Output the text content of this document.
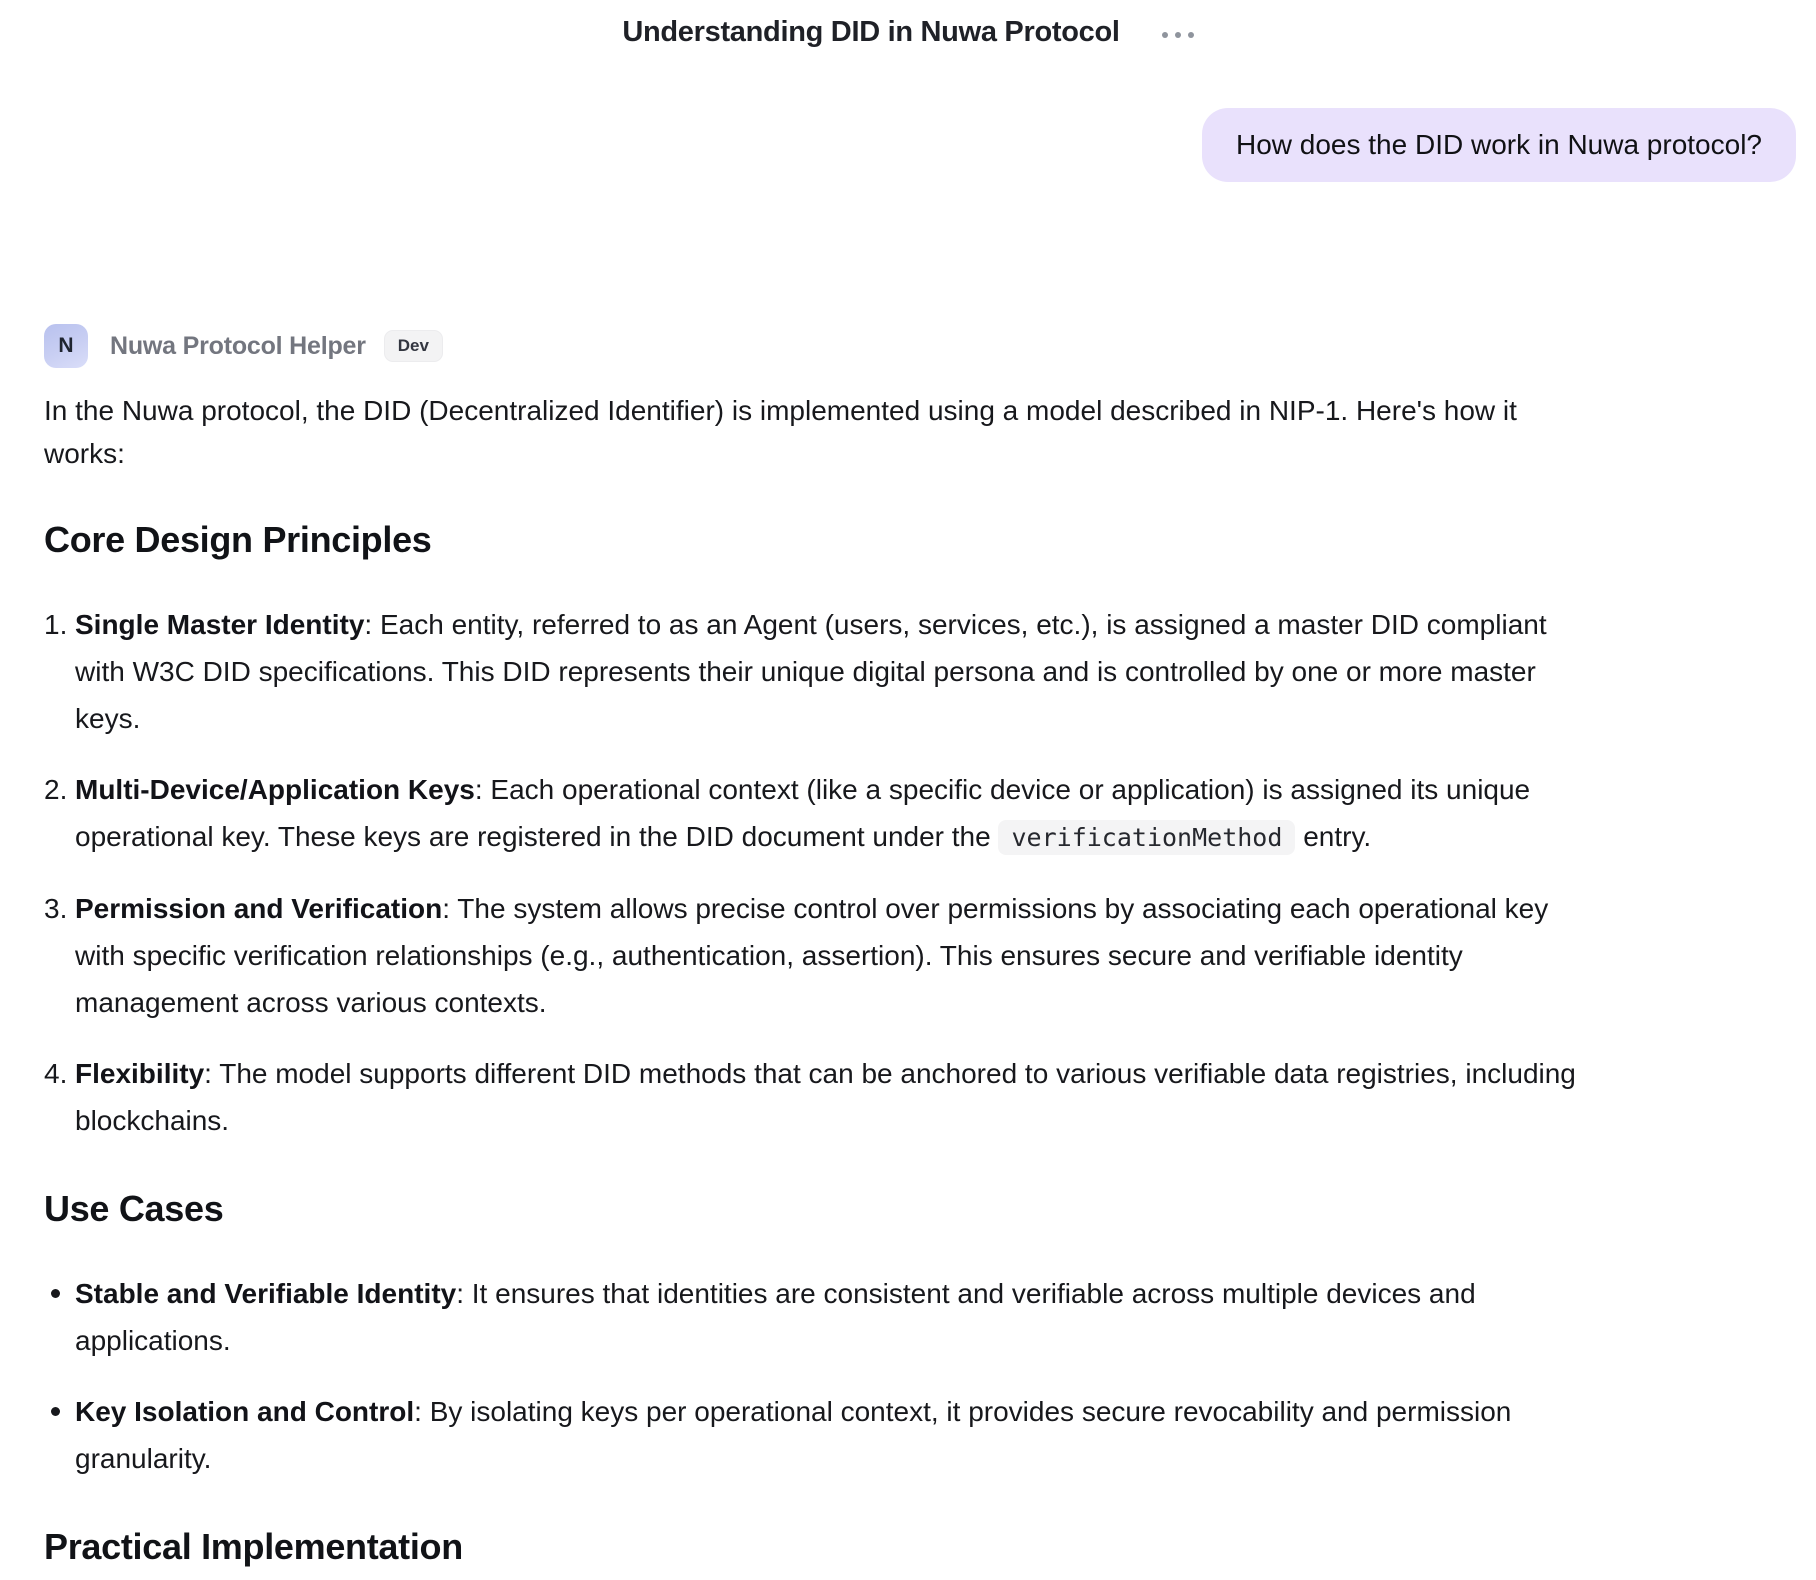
Understanding DID in Nuwa Protocol
How does the DID work in Nuwa protocol?
N	Nuwa Protocol Helper	Dev

In the Nuwa protocol, the DID (Decentralized Identifier) is implemented using a model described in NIP-1. Here's how it works:

Core Design Principles
1. Single Master Identity: Each entity, referred to as an Agent (users, services, etc.), is assigned a master DID compliant with W3C DID specifications. This DID represents their unique digital persona and is controlled by one or more master keys.
2. Multi-Device/Application Keys: Each operational context (like a specific device or application) is assigned its unique operational key. These keys are registered in the DID document under the verificationMethod entry.
3. Permission and Verification: The system allows precise control over permissions by associating each operational key with specific verification relationships (e.g., authentication, assertion). This ensures secure and verifiable identity management across various contexts.
4. Flexibility: The model supports different DID methods that can be anchored to various verifiable data registries, including blockchains.
Use Cases
Stable and Verifiable Identity: It ensures that identities are consistent and verifiable across multiple devices and applications.
Key Isolation and Control: By isolating keys per operational context, it provides secure revocability and permission granularity.
Practical Implementation
